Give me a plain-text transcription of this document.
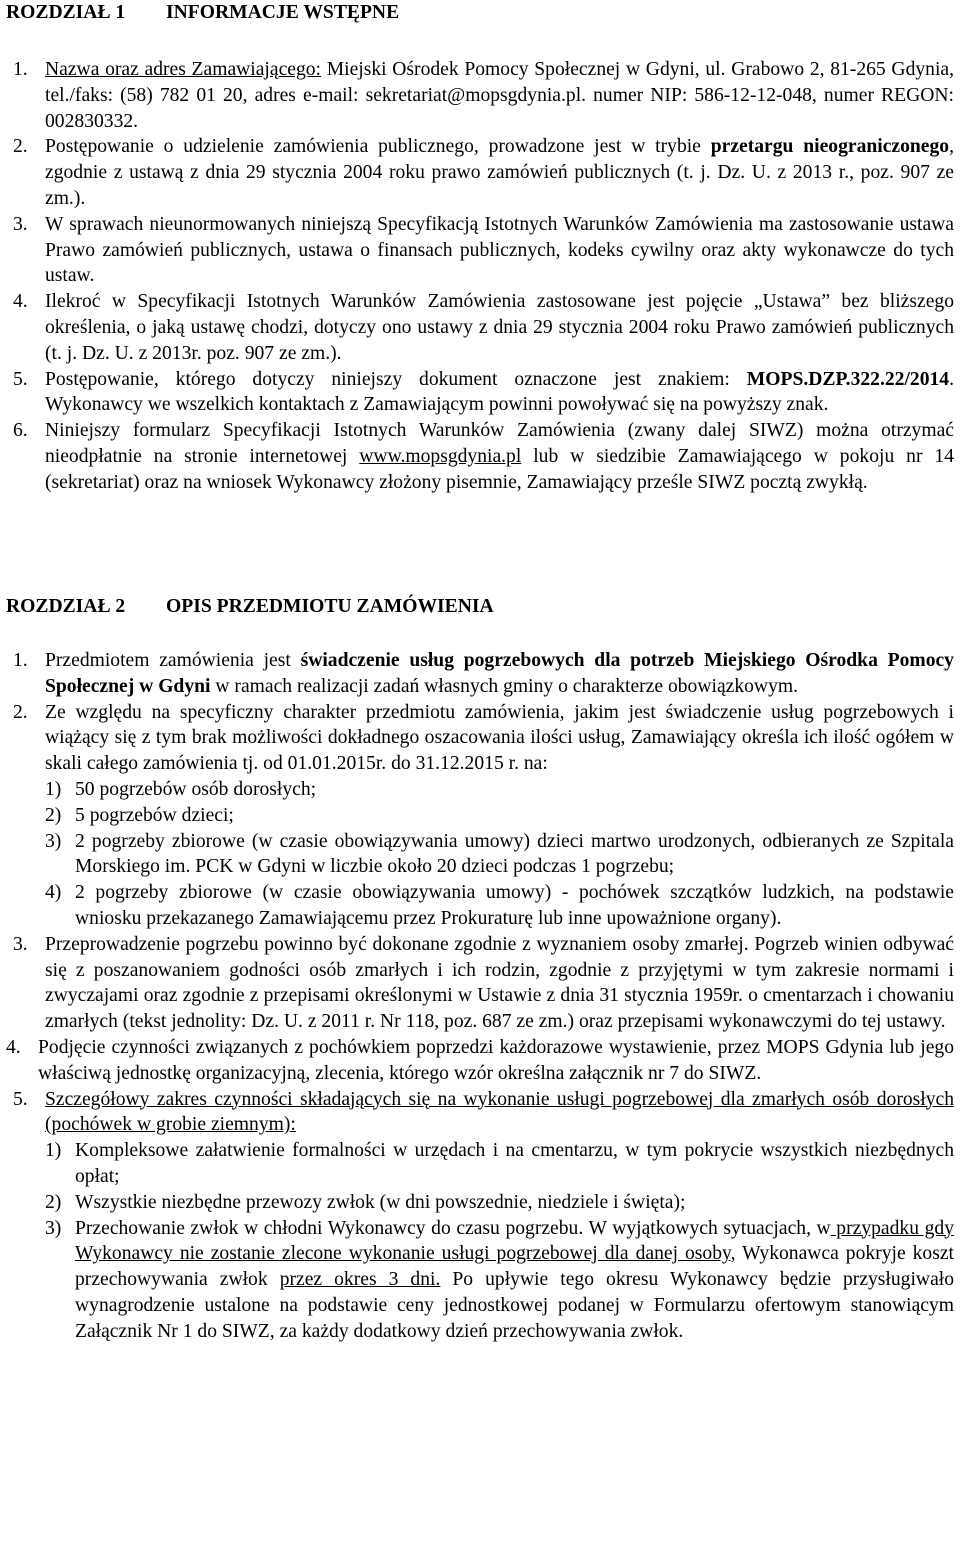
ROZDZIAŁ 1 INFORMACJE WSTĘPNE
1. Nazwa oraz adres Zamawiającego: Miejski Ośrodek Pomocy Społecznej w Gdyni, ul. Grabowo 2, 81-265 Gdynia, tel./faks: (58) 782 01 20, adres e-mail: sekretariat@mopsgdynia.pl. numer NIP: 586-12-12-048, numer REGON: 002830332.
2. Postępowanie o udzielenie zamówienia publicznego, prowadzone jest w trybie przetargu nieograniczonego, zgodnie z ustawą z dnia 29 stycznia 2004 roku prawo zamówień publicznych (t. j. Dz. U. z 2013 r., poz. 907 ze zm.).
3. W sprawach nieunormowanych niniejszą Specyfikacją Istotnych Warunków Zamówienia ma zastosowanie ustawa Prawo zamówień publicznych, ustawa o finansach publicznych, kodeks cywilny oraz akty wykonawcze do tych ustaw.
4. Ilekroć w Specyfikacji Istotnych Warunków Zamówienia zastosowane jest pojęcie „Ustawa” bez bliższego określenia, o jaką ustawę chodzi, dotyczy ono ustawy z dnia 29 stycznia 2004 roku Prawo zamówień publicznych (t. j. Dz. U. z 2013r. poz. 907 ze zm.).
5. Postępowanie, którego dotyczy niniejszy dokument oznaczone jest znakiem: MOPS.DZP.322.22/2014. Wykonawcy we wszelkich kontaktach z Zamawiającym powinni powoływać się na powyższy znak.
6. Niniejszy formularz Specyfikacji Istotnych Warunków Zamówienia (zwany dalej SIWZ) można otrzymać nieodpłatnie na stronie internetowej www.mopsgdynia.pl lub w siedzibie Zamawiającego w pokoju nr 14 (sekretariat) oraz na wniosek Wykonawcy złożony pisemnie, Zamawiający prześle SIWZ pocztą zwykłą.
ROZDZIAŁ 2 OPIS PRZEDMIOTU ZAMÓWIENIA
1. Przedmiotem zamówienia jest świadczenie usług pogrzebowych dla potrzeb Miejskiego Ośrodka Pomocy Społecznej w Gdyni w ramach realizacji zadań własnych gminy o charakterze obowiązkowym.
2. Ze względu na specyficzny charakter przedmiotu zamówienia, jakim jest świadczenie usług pogrzebowych i wiążący się z tym brak możliwości dokładnego oszacowania ilości usług, Zamawiający określa ich ilość ogółem w skali całego zamówienia tj. od 01.01.2015r. do 31.12.2015 r. na:
1) 50 pogrzebów osób dorosłych;
2) 5 pogrzebów dzieci;
3) 2 pogrzeby zbiorowe (w czasie obowiązywania umowy) dzieci martwo urodzonych, odbieranych ze Szpitala Morskiego im. PCK w Gdyni w liczbie około 20 dzieci podczas 1 pogrzebu;
4) 2 pogrzeby zbiorowe (w czasie obowiązywania umowy) - pochówek szczątków ludzkich, na podstawie wniosku przekazanego Zamawiającemu przez Prokuraturę lub inne upoważnione organy).
3. Przeprowadzenie pogrzebu powinno być dokonane zgodnie z wyznaniem osoby zmarłej. Pogrzeb winien odbywać się z poszanowaniem godności osób zmarłych i ich rodzin, zgodnie z przyjętymi w tym zakresie normami i zwyczajami oraz zgodnie z przepisami określonymi w Ustawie z dnia 31 stycznia 1959r. o cmentarzach i chowaniu zmarłych (tekst jednolity: Dz. U. z 2011 r. Nr 118, poz. 687 ze zm.) oraz przepisami wykonawczymi do tej ustawy.
4. Podjęcie czynności związanych z pochówkiem poprzedzi każdorazowe wystawienie, przez MOPS Gdynia lub jego właściwą jednostkę organizacyjną, zlecenia, którego wzór określna załącznik nr 7 do SIWZ.
5. Szczegółowy zakres czynności składających się na wykonanie usługi pogrzebowej dla zmarłych osób dorosłych (pochówek w grobie ziemnym):
1) Kompleksowe załatwienie formalności w urzędach i na cmentarzu, w tym pokrycie wszystkich niezbędnych opłat;
2) Wszystkie niezbędne przewozy zwłok (w dni powszednie, niedziele i święta);
3) Przechowanie zwłok w chłodni Wykonawcy do czasu pogrzebu. W wyjątkowych sytuacjach, w przypadku gdy Wykonawcy nie zostanie zlecone wykonanie usługi pogrzebowej dla danej osoby, Wykonawca pokryje koszt przechowywania zwłok przez okres 3 dni. Po upływie tego okresu Wykonawcy będzie przysługiwało wynagrodzenie ustalone na podstawie ceny jednostkowej podanej w Formularzu ofertowym stanowiącym Załącznik Nr 1 do SIWZ, za każdy dodatkowy dzień przechowywania zwłok.
